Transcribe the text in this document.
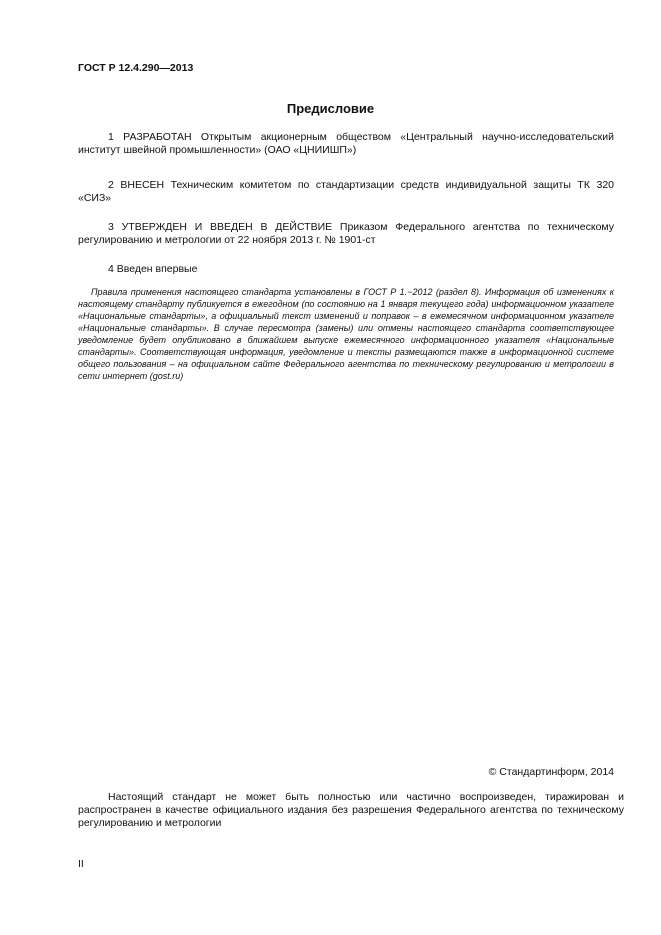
ГОСТ Р 12.4.290—2013
Предисловие
1 РАЗРАБОТАН Открытым акционерным обществом «Центральный научно-исследовательский институт швейной промышленности» (ОАО «ЦНИИШП»)
2 ВНЕСЕН Техническим комитетом по стандартизации средств индивидуальной защиты ТК 320 «СИЗ»
3 УТВЕРЖДЕН И ВВЕДЕН В ДЕЙСТВИЕ Приказом Федерального агентства по техническому регулированию и метрологии от 22 ноября 2013 г. № 1901-ст
4 Введен впервые
Правила применения настоящего стандарта установлены в ГОСТ Р 1.−2012 (раздел 8). Информация об изменениях к настоящему стандарту публикуется в ежегодном (по состоянию на 1 января текущего года) информационном указателе «Национальные стандарты», а официальный текст изменений и поправок – в ежемесячном информационном указателе «Национальные стандарты». В случае пересмотра (замены) или отмены настоящего стандарта соответствующее уведомление будет опубликовано в ближайшем выпуске ежемесячного информационного указателя «Национальные стандарты». Соответствующая информация, уведомление и тексты размещаются также в информационной системе общего пользования – на официальном сайте Федерального агентства по техническому регулированию и метрологии в сети интернет (gost.ru)
© Стандартинформ, 2014
Настоящий стандарт не может быть полностью или частично воспроизведен, тиражирован и распространен в качестве официального издания без разрешения Федерального агентства по техническому регулированию и метрологии
II
